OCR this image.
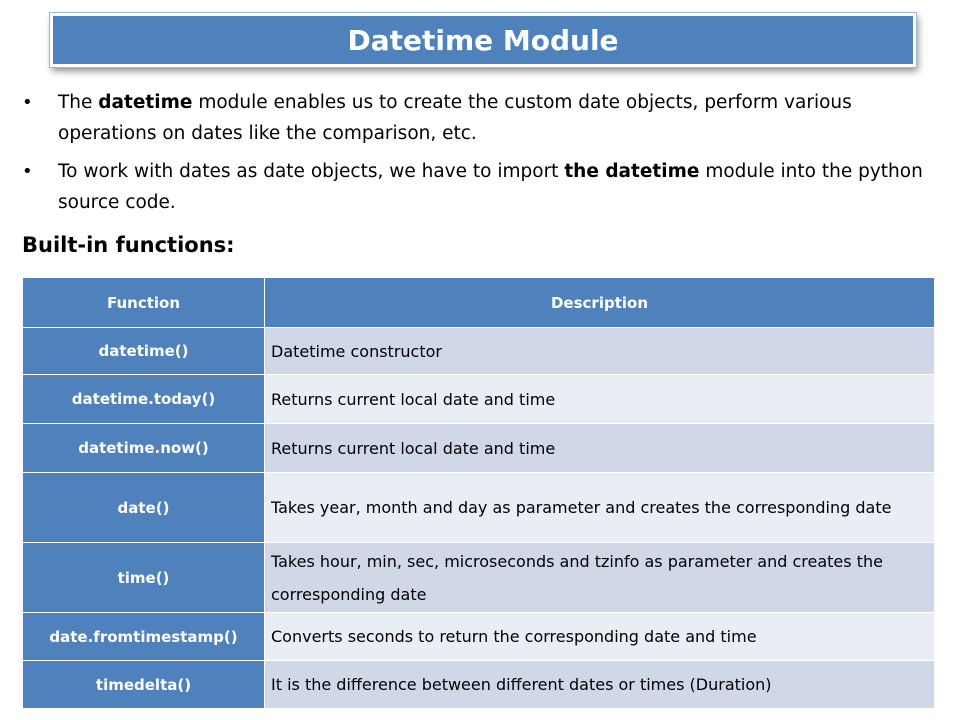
Datetime Module
• The datetime module enables us to create the custom date objects, perform various operations on dates like the comparison, etc.
• To work with dates as date objects, we have to import the datetime module into the python source code.
Built-in functions:
Function	Description
datetime()	Datetime constructor
datetime.today()	Returns current local date and time
datetime.now()	Returns current local date and time
date()	Takes year, month and day as parameter and creates the corresponding date
time()	Takes hour, min, sec, microseconds and tzinfo as parameter and creates the corresponding date
date.fromtimestamp()	Converts seconds to return the corresponding date and time
timedelta()	It is the difference between different dates or times (Duration)
